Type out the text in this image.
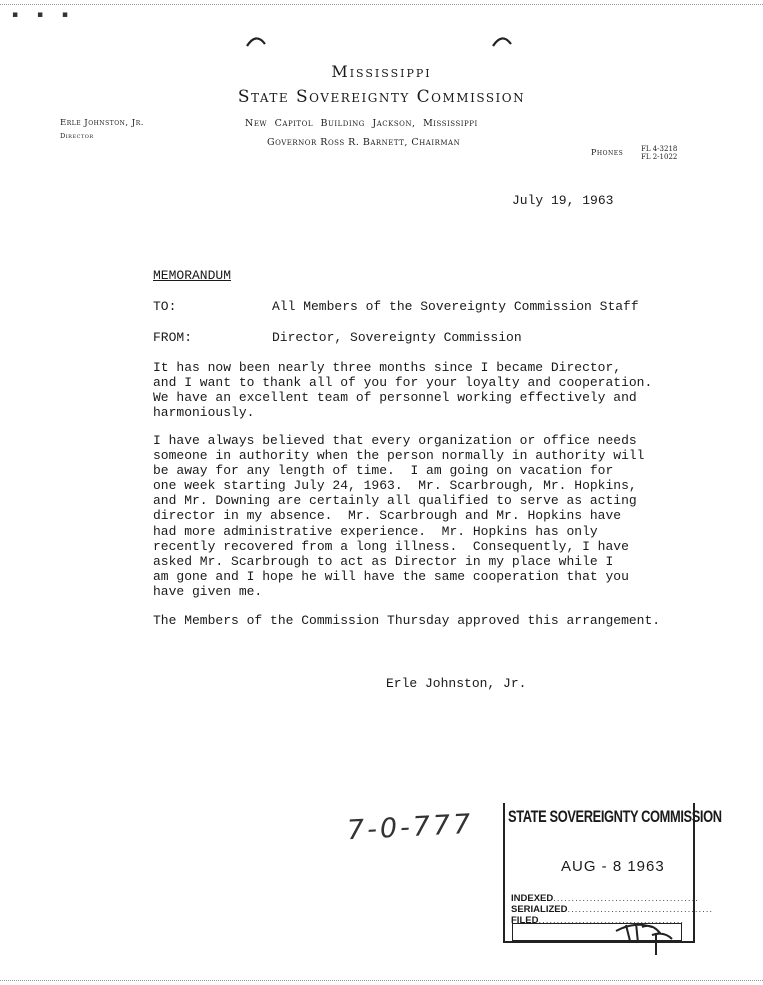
▪ ▪ ▪
Mississippi
State Sovereignty Commission
New Capitol Building Jackson, Mississippi
Governor Ross R. Barnett, Chairman
Erle Johnston, Jr.
Director
Phones	FL 4-3218
FL 2-1022
July 19, 1963
MEMORANDUM
TO:	All Members of the Sovereignty Commission Staff
FROM:	Director, Sovereignty Commission
It has now been nearly three months since I became Director,
and I want to thank all of you for your loyalty and cooperation.
We have an excellent team of personnel working effectively and
harmoniously.
I have always believed that every organization or office needs
someone in authority when the person normally in authority will
be away for any length of time.  I am going on vacation for
one week starting July 24, 1963.  Mr. Scarbrough, Mr. Hopkins,
and Mr. Downing are certainly all qualified to serve as acting
director in my absence.  Mr. Scarbrough and Mr. Hopkins have
had more administrative experience.  Mr. Hopkins has only
recently recovered from a long illness.  Consequently, I have
asked Mr. Scarbrough to act as Director in my place while I
am gone and I hope he will have the same cooperation that you
have given me.
The Members of the Commission Thursday approved this arrangement.
Erle Johnston, Jr.
7-0-777 STATE SOVEREIGNTY COMMISSION
AUG - 8 1963
INDEXED........................................
SERIALIZED........................................
FILED........................................
